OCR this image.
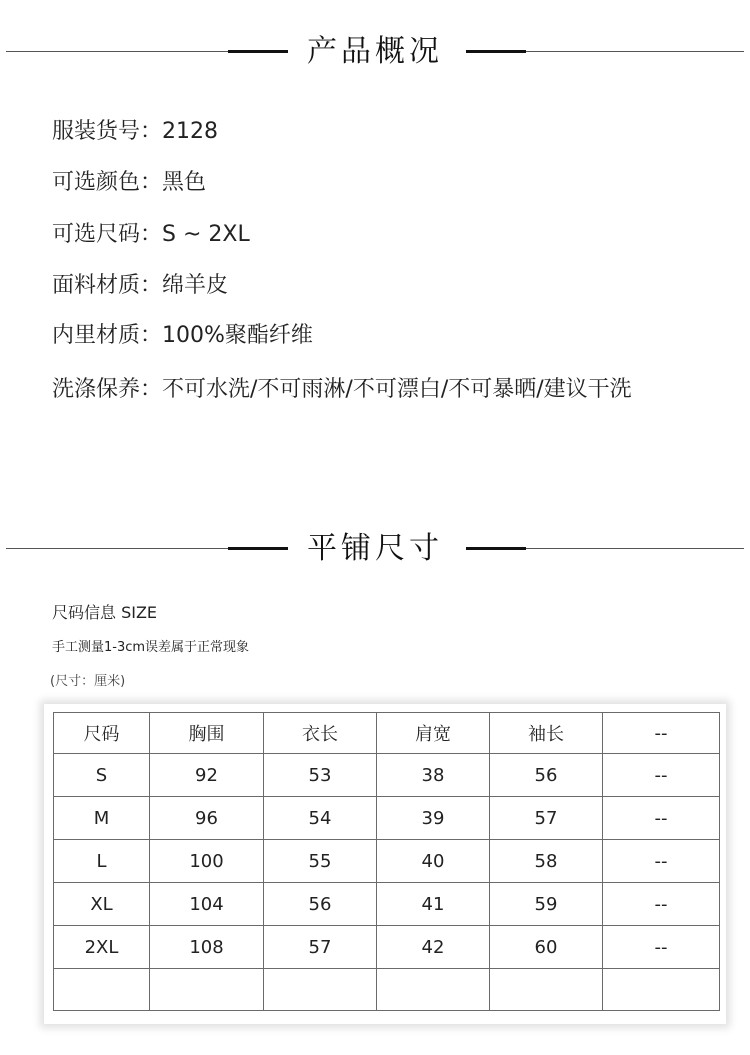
产品概况
服装货号：2128
可选颜色：黑色
可选尺码：S ~ 2XL
面料材质：绵羊皮
内里材质：100%聚酯纤维
洗涤保养：不可水洗/不可雨淋/不可漂白/不可暴晒/建议干洗
平铺尺寸
尺码信息 SIZE
手工测量1-3cm误差属于正常现象
(尺寸：厘米)
尺码	胸围	衣长	肩宽	袖长	--
S	92	53	38	56	--
M	96	54	39	57	--
L	100	55	40	58	--
XL	104	56	41	59	--
2XL	108	57	42	60	--
